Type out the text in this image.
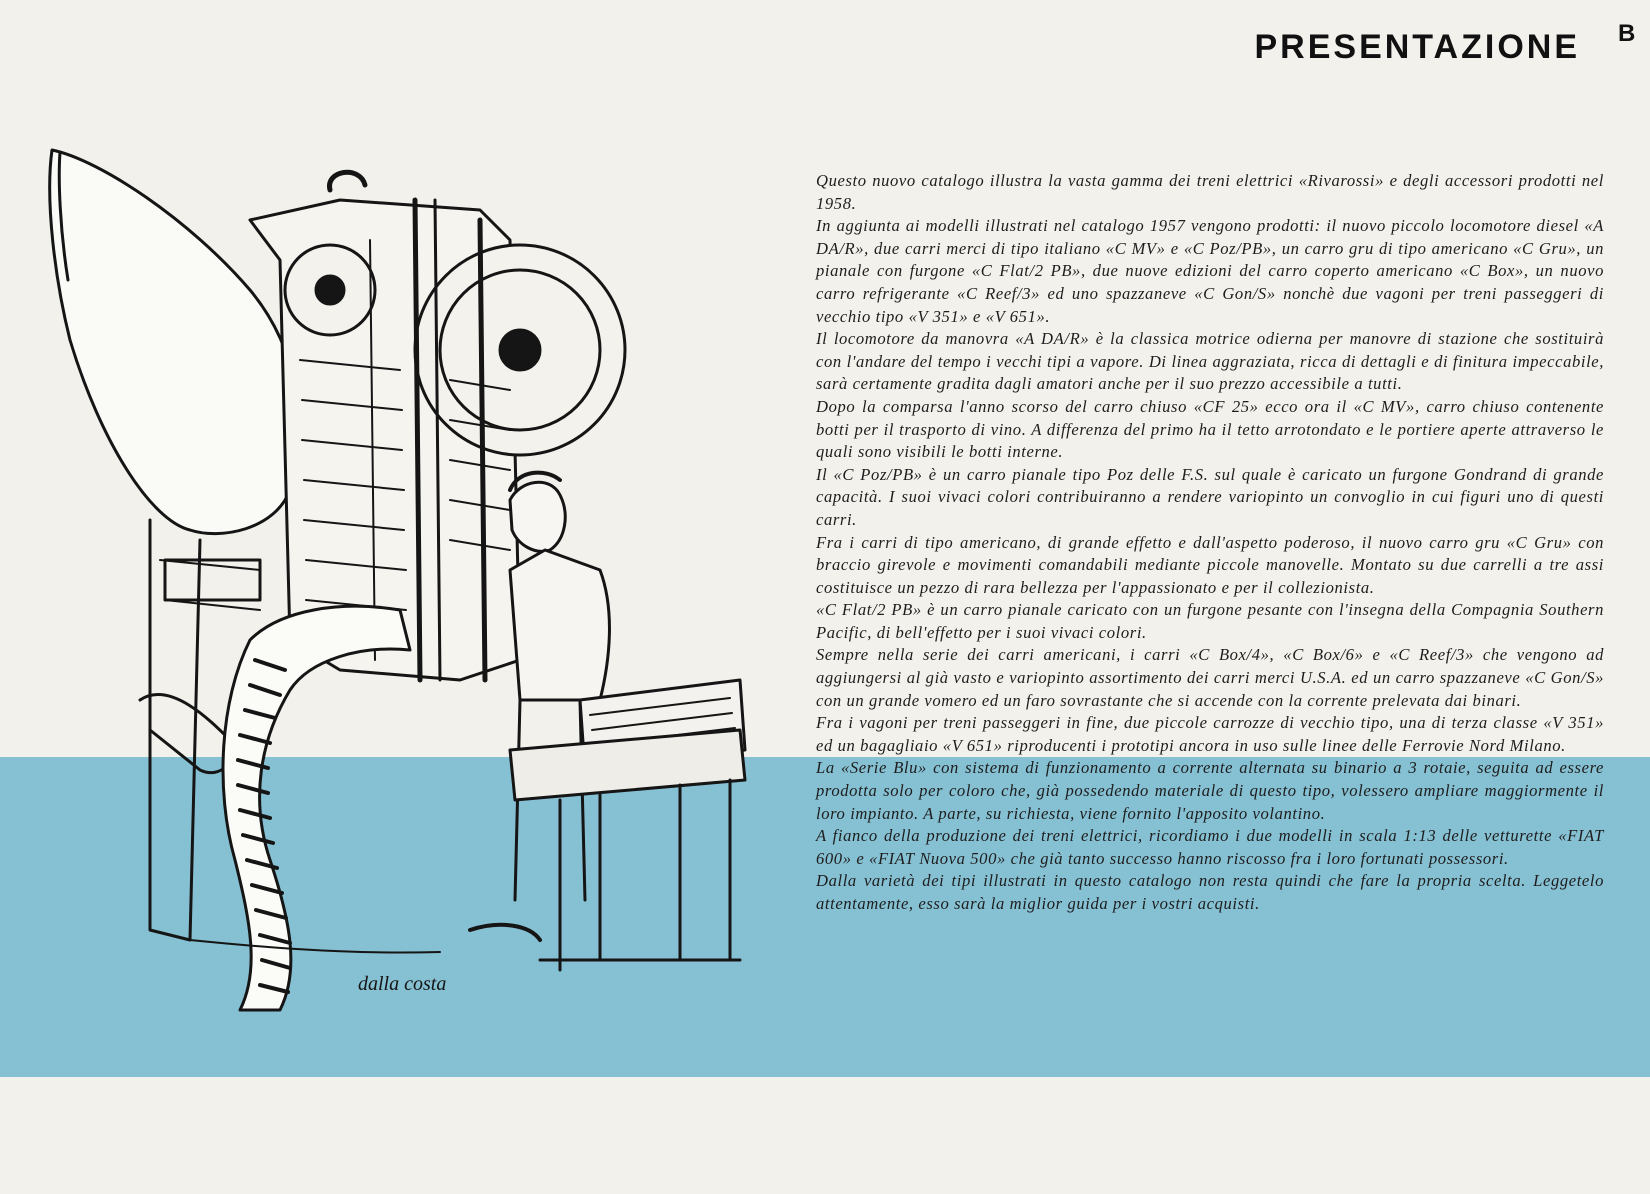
PRESENTAZIONE B
dalla costa

Questo nuovo catalogo illustra la vasta gamma dei treni elettrici «Rivarossi» e degli accessori prodotti nel 1958.

In aggiunta ai modelli illustrati nel catalogo 1957 vengono prodotti: il nuovo piccolo locomotore diesel «A DA/R», due carri merci di tipo italiano «C MV» e «C Poz/PB», un carro gru di tipo americano «C Gru», un pianale con furgone «C Flat/2 PB», due nuove edizioni del carro coperto americano «C Box», un nuovo carro refrigerante «C Reef/3» ed uno spazzaneve «C Gon/S» nonchè due vagoni per treni passeggeri di vecchio tipo «V 351» e «V 651».

Il locomotore da manovra «A DA/R» è la classica motrice odierna per manovre di stazione che sostituirà con l'andare del tempo i vecchi tipi a vapore. Di linea aggraziata, ricca di dettagli e di finitura impeccabile, sarà certamente gradita dagli amatori anche per il suo prezzo accessibile a tutti.

Dopo la comparsa l'anno scorso del carro chiuso «CF 25» ecco ora il «C MV», carro chiuso contenente botti per il trasporto di vino. A differenza del primo ha il tetto arrotondato e le portiere aperte attraverso le quali sono visibili le botti interne.

Il «C Poz/PB» è un carro pianale tipo Poz delle F.S. sul quale è caricato un furgone Gondrand di grande capacità. I suoi vivaci colori contribuiranno a rendere variopinto un convoglio in cui figuri uno di questi carri.

Fra i carri di tipo americano, di grande effetto e dall'aspetto poderoso, il nuovo carro gru «C Gru» con braccio girevole e movimenti comandabili mediante piccole manovelle. Montato su due carrelli a tre assi costituisce un pezzo di rara bellezza per l'appassionato e per il collezionista.

«C Flat/2 PB» è un carro pianale caricato con un furgone pesante con l'insegna della Compagnia Southern Pacific, di bell'effetto per i suoi vivaci colori.

Sempre nella serie dei carri americani, i carri «C Box/4», «C Box/6» e «C Reef/3» che vengono ad aggiungersi al già vasto e variopinto assortimento dei carri merci U.S.A. ed un carro spazzaneve «C Gon/S» con un grande vomero ed un faro sovrastante che si accende con la corrente prelevata dai binari.

Fra i vagoni per treni passeggeri in fine, due piccole carrozze di vecchio tipo, una di terza classe «V 351» ed un bagagliaio «V 651» riproducenti i prototipi ancora in uso sulle linee delle Ferrovie Nord Milano.

La «Serie Blu» con sistema di funzionamento a corrente alternata su binario a 3 rotaie, seguita ad essere prodotta solo per coloro che, già possedendo materiale di questo tipo, volessero ampliare maggiormente il loro impianto. A parte, su richiesta, viene fornito l'apposito volantino.

A fianco della produzione dei treni elettrici, ricordiamo i due modelli in scala 1:13 delle vetturette «FIAT 600» e «FIAT Nuova 500» che già tanto successo hanno riscosso fra i loro fortunati possessori.

Dalla varietà dei tipi illustrati in questo catalogo non resta quindi che fare la propria scelta. Leggetelo attentamente, esso sarà la miglior guida per i vostri acquisti.
